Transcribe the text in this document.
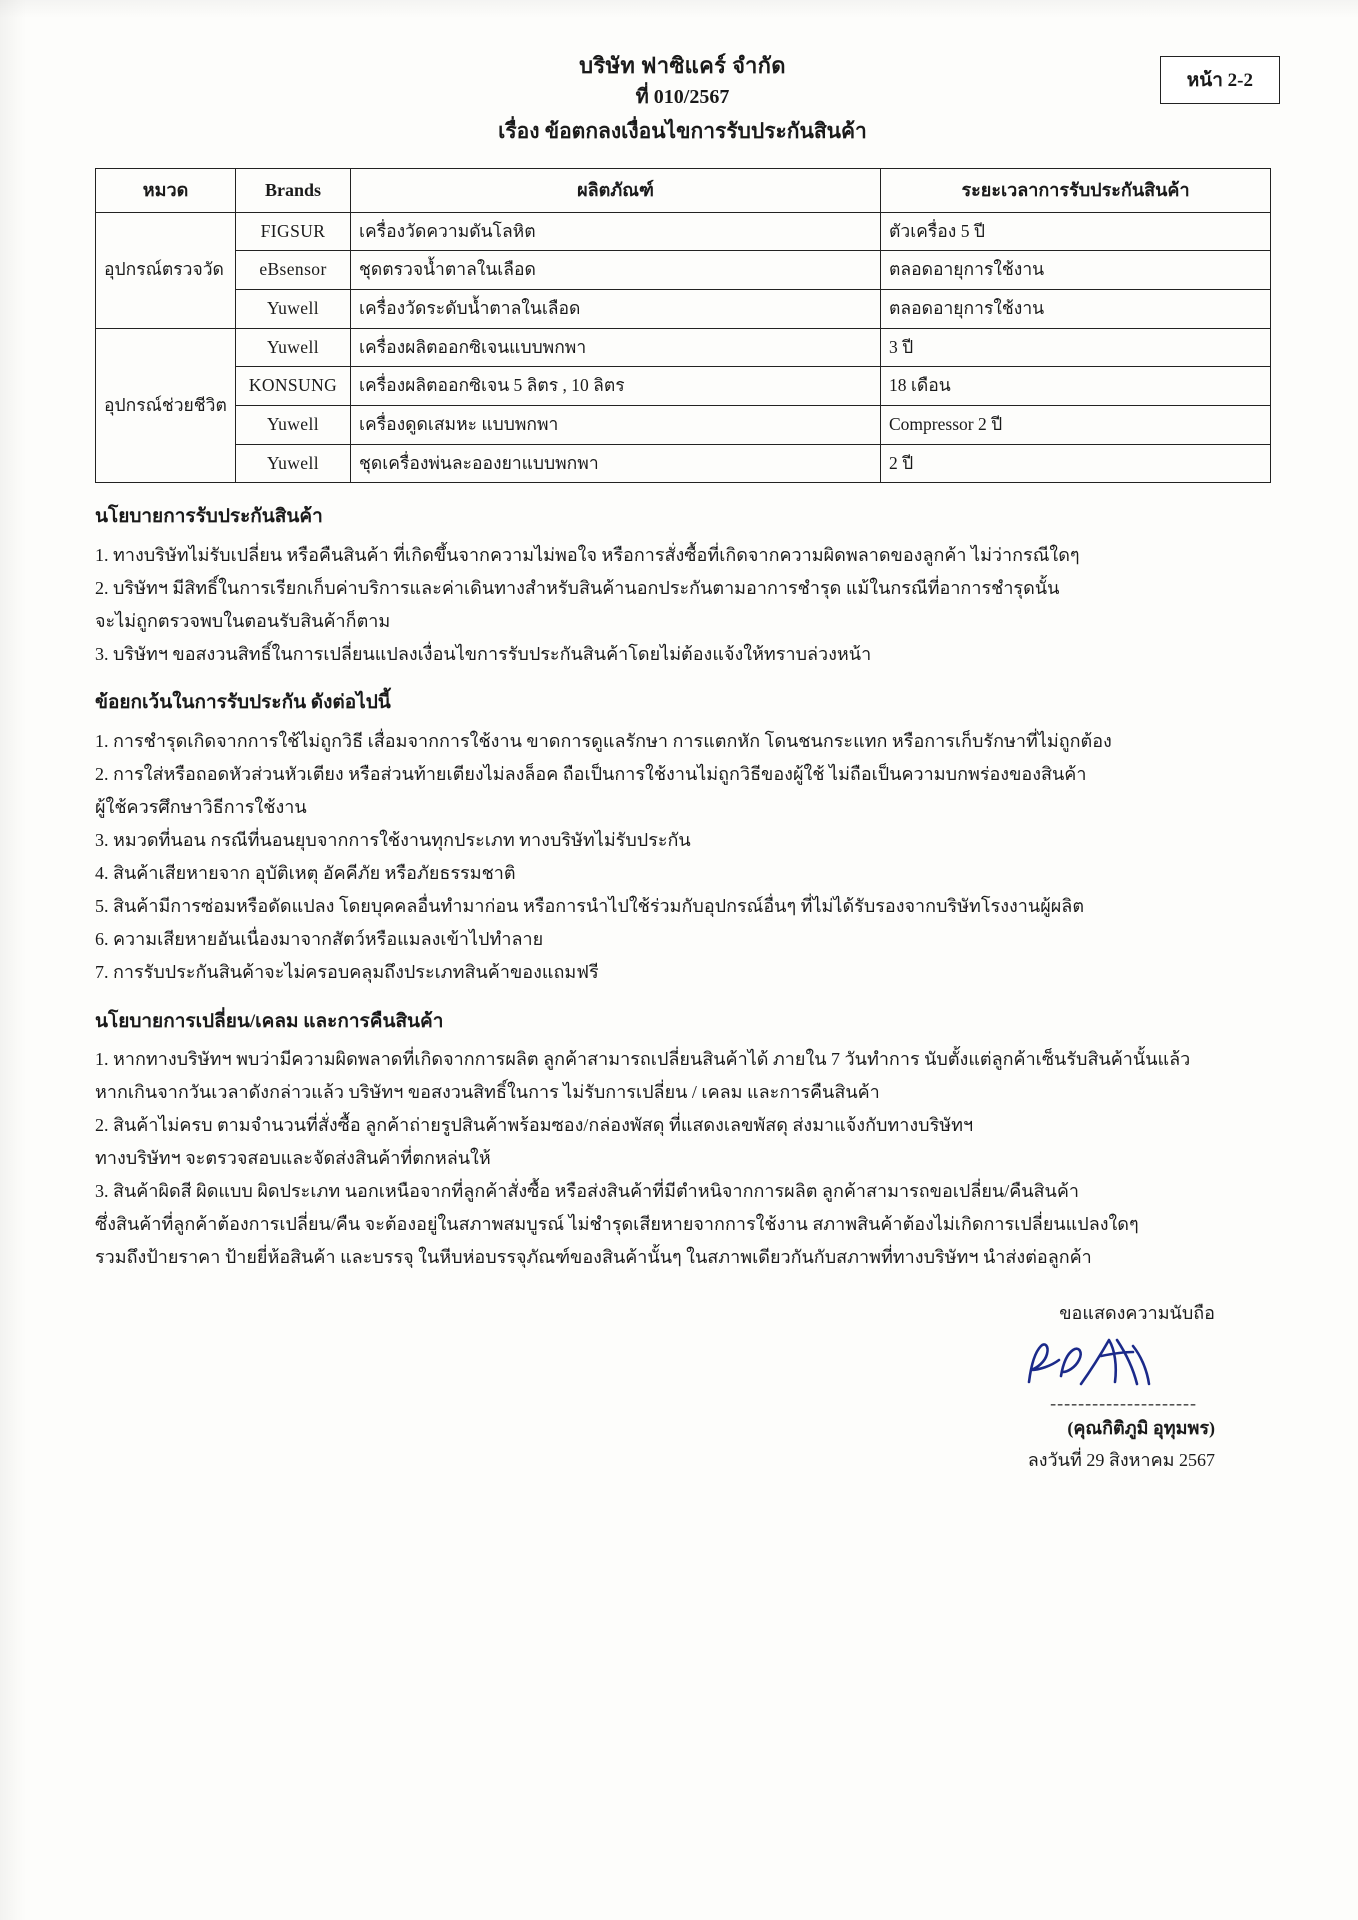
บริษัท ฟาซิแคร์ จำกัด
ที่ 010/2567
เรื่อง ข้อตกลงเงื่อนไขการรับประกันสินค้า
หน้า 2-2
หมวด	Brands	ผลิตภัณฑ์	ระยะเวลาการรับประกันสินค้า
อุปกรณ์ตรวจวัด	FIGSUR	เครื่องวัดความดันโลหิต	ตัวเครื่อง 5 ปี
	eBsensor	ชุดตรวจน้ำตาลในเลือด	ตลอดอายุการใช้งาน
	Yuwell	เครื่องวัดระดับน้ำตาลในเลือด	ตลอดอายุการใช้งาน
อุปกรณ์ช่วยชีวิต	Yuwell	เครื่องผลิตออกซิเจนแบบพกพา	3 ปี
	KONSUNG	เครื่องผลิตออกซิเจน 5 ลิตร , 10 ลิตร	18 เดือน
	Yuwell	เครื่องดูดเสมหะ แบบพกพา	Compressor 2 ปี
	Yuwell	ชุดเครื่องพ่นละอองยาแบบพกพา	2 ปี
นโยบายการรับประกันสินค้า

1. ทางบริษัทไม่รับเปลี่ยน หรือคืนสินค้า ที่เกิดขึ้นจากความไม่พอใจ หรือการสั่งซื้อที่เกิดจากความผิดพลาดของลูกค้า ไม่ว่ากรณีใดๆ

2. บริษัทฯ มีสิทธิ์ในการเรียกเก็บค่าบริการและค่าเดินทางสำหรับสินค้านอกประกันตามอาการชำรุด แม้ในกรณีที่อาการชำรุดนั้น

จะไม่ถูกตรวจพบในตอนรับสินค้าก็ตาม

3. บริษัทฯ ขอสงวนสิทธิ์ในการเปลี่ยนแปลงเงื่อนไขการรับประกันสินค้าโดยไม่ต้องแจ้งให้ทราบล่วงหน้า

ข้อยกเว้นในการรับประกัน ดังต่อไปนี้

1. การชำรุดเกิดจากการใช้ไม่ถูกวิธี เสื่อมจากการใช้งาน ขาดการดูแลรักษา การแตกหัก โดนชนกระแทก หรือการเก็บรักษาที่ไม่ถูกต้อง

2. การใส่หรือถอดหัวส่วนหัวเตียง หรือส่วนท้ายเตียงไม่ลงล็อค ถือเป็นการใช้งานไม่ถูกวิธีของผู้ใช้ ไม่ถือเป็นความบกพร่องของสินค้า

ผู้ใช้ควรศึกษาวิธีการใช้งาน

3. หมวดที่นอน กรณีที่นอนยุบจากการใช้งานทุกประเภท ทางบริษัทไม่รับประกัน

4. สินค้าเสียหายจาก อุบัติเหตุ อัคคีภัย หรือภัยธรรมชาติ

5. สินค้ามีการซ่อมหรือดัดแปลง โดยบุคคลอื่นทำมาก่อน หรือการนำไปใช้ร่วมกับอุปกรณ์อื่นๆ ที่ไม่ได้รับรองจากบริษัทโรงงานผู้ผลิต

6. ความเสียหายอันเนื่องมาจากสัตว์หรือแมลงเข้าไปทำลาย

7. การรับประกันสินค้าจะไม่ครอบคลุมถึงประเภทสินค้าของแถมฟรี

นโยบายการเปลี่ยน/เคลม และการคืนสินค้า

1. หากทางบริษัทฯ พบว่ามีความผิดพลาดที่เกิดจากการผลิต ลูกค้าสามารถเปลี่ยนสินค้าได้ ภายใน 7 วันทำการ นับตั้งแต่ลูกค้าเซ็นรับสินค้านั้นแล้ว

หากเกินจากวันเวลาดังกล่าวแล้ว บริษัทฯ ขอสงวนสิทธิ์ในการ ไม่รับการเปลี่ยน / เคลม และการคืนสินค้า

2. สินค้าไม่ครบ ตามจำนวนที่สั่งซื้อ ลูกค้าถ่ายรูปสินค้าพร้อมซอง/กล่องพัสดุ ที่แสดงเลขพัสดุ ส่งมาแจ้งกับทางบริษัทฯ

ทางบริษัทฯ จะตรวจสอบและจัดส่งสินค้าที่ตกหล่นให้

3. สินค้าผิดสี ผิดแบบ ผิดประเภท นอกเหนือจากที่ลูกค้าสั่งซื้อ หรือส่งสินค้าที่มีตำหนิจากการผลิต ลูกค้าสามารถขอเปลี่ยน/คืนสินค้า

ซึ่งสินค้าที่ลูกค้าต้องการเปลี่ยน/คืน จะต้องอยู่ในสภาพสมบูรณ์ ไม่ชำรุดเสียหายจากการใช้งาน สภาพสินค้าต้องไม่เกิดการเปลี่ยนแปลงใดๆ

รวมถึงป้ายราคา ป้ายยี่ห้อสินค้า และบรรจุ ในหีบห่อบรรจุภัณฑ์ของสินค้านั้นๆ ในสภาพเดียวกันกับสภาพที่ทางบริษัทฯ นำส่งต่อลูกค้า

ขอแสดงความนับถือ
---------------------
(คุณกิติภูมิ อุทุมพร)
ลงวันที่ 29 สิงหาคม 2567
